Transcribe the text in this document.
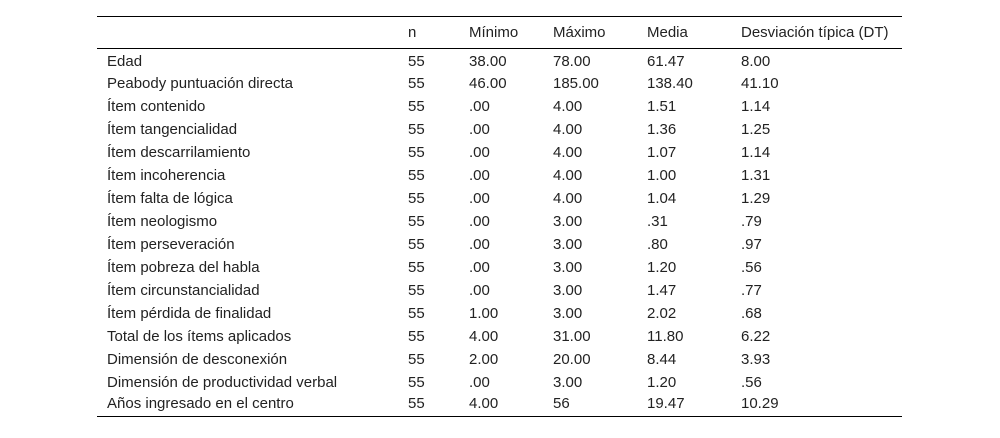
	n	Mínimo	Máximo	Media	Desviación típica (DT)
Edad	55	38.00	78.00	61.47	8.00
Peabody puntuación directa	55	46.00	185.00	138.40	41.10
Ítem contenido	55	.00	4.00	1.51	1.14
Ítem tangencialidad	55	.00	4.00	1.36	1.25
Ítem descarrilamiento	55	.00	4.00	1.07	1.14
Ítem incoherencia	55	.00	4.00	1.00	1.31
Ítem falta de lógica	55	.00	4.00	1.04	1.29
Ítem neologismo	55	.00	3.00	.31	.79
Ítem perseveración	55	.00	3.00	.80	.97
Ítem pobreza del habla	55	.00	3.00	1.20	.56
Ítem circunstancialidad	55	.00	3.00	1.47	.77
Ítem pérdida de finalidad	55	1.00	3.00	2.02	.68
Total de los ítems aplicados	55	4.00	31.00	11.80	6.22
Dimensión de desconexión	55	2.00	20.00	8.44	3.93
Dimensión de productividad verbal	55	.00	3.00	1.20	.56
Años ingresado en el centro	55	4.00	56	19.47	10.29
